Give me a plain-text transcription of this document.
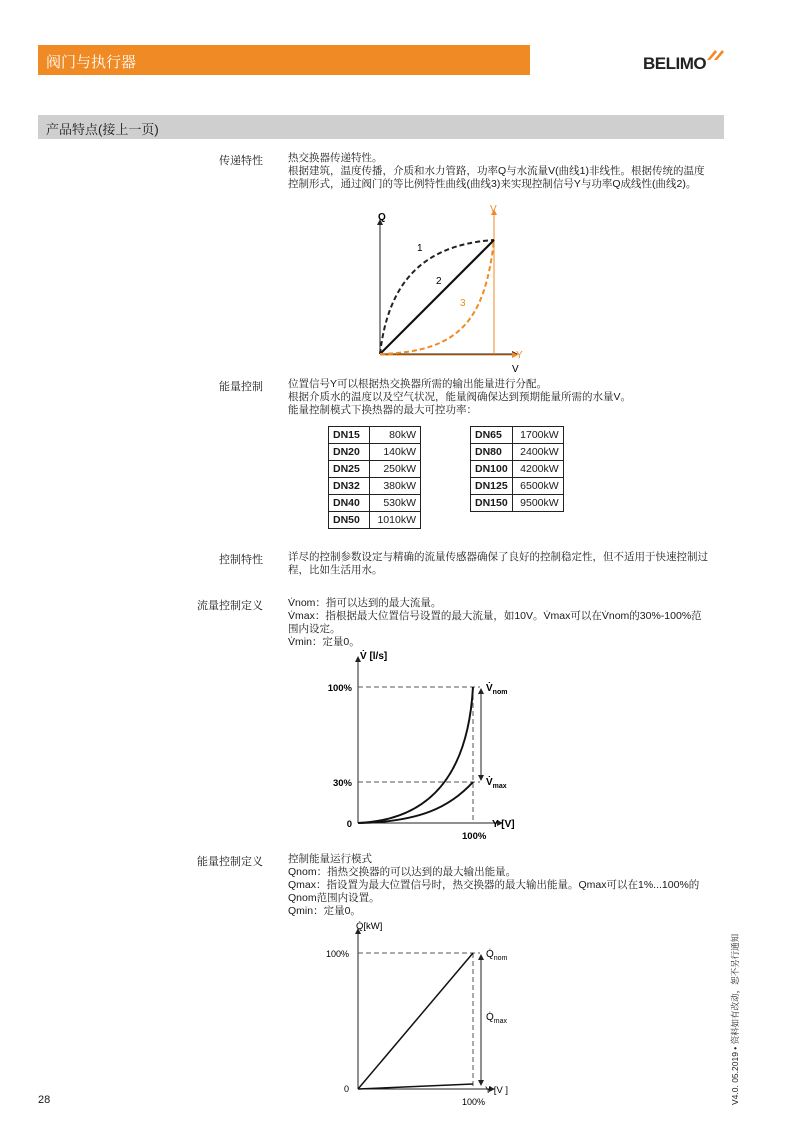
阀门与执行器	BELIMO
产品特点(接上一页)
传递特性 热交换器传递特性。
根据建筑，温度传播，介质和水力管路，功率Q与水流量V(曲线1)非线性。根据传统的温度
控制形式，通过阀门的等比例特性曲线(曲线3)来实现控制信号Y与功率Q成线性(曲线2)。
Q
V
Y
V
1
2
3
能量控制 位置信号Y可以根据热交换器所需的输出能量进行分配。
根据介质水的温度以及空气状况，能量阀确保达到预期能量所需的水量V。
能量控制模式下换热器的最大可控功率：
DN15	80kW
DN20	140kW
DN25	250kW
DN32	380kW
DN40	530kW
DN50	1010kW
DN65	1700kW
DN80	2400kW
DN100	4200kW
DN125	6500kW
DN150	9500kW
控制特性 详尽的控制参数设定与精确的流量传感器确保了良好的控制稳定性，但不适用于快速控制过
程，比如生活用水。
流量控制定义 V̇nom：指可以达到的最大流量。
V̇max：指根据最大位置信号设置的最大流量，如10V。V̇max可以在V̇nom的30%-100%范
围内设定。
V̇min：定量0。
V̇ [l/s]
100%
30%
0	Y [V]
100%
$V̇_{nom}$
$V̇_{max}$
能量控制定义 控制能量运行模式
Qnom：指热交换器的可以达到的最大输出能量。
Qmax：指设置为最大位置信号时，热交换器的最大输出能量。Qmax可以在1%...100%的
Qnom范围内设置。
Qmin：定量0。
Q̇[kW]
100%
0	Y [V ]
100%
$Q̇_{nom}$
$Q̇_{max}$
28	V4.0. 05.2019 • 资料如有改动，恕不另行通知
